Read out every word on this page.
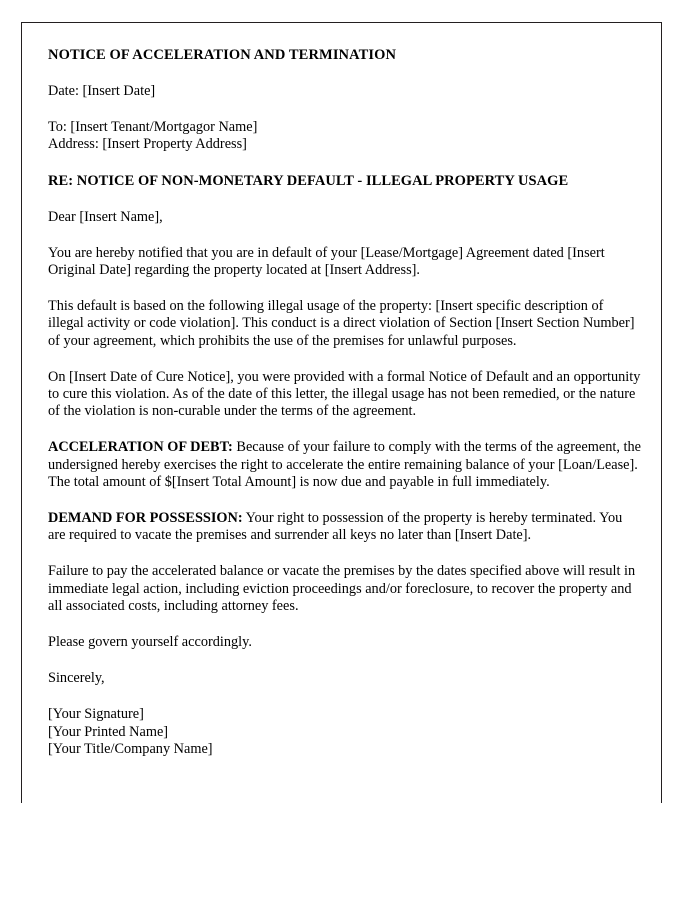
NOTICE OF ACCELERATION AND TERMINATION
Date: [Insert Date]
To: [Insert Tenant/Mortgagor Name]
Address: [Insert Property Address]
RE: NOTICE OF NON-MONETARY DEFAULT - ILLEGAL PROPERTY USAGE

Dear [Insert Name],

You are hereby notified that you are in default of your [Lease/Mortgage] Agreement dated [Insert Original Date] regarding the property located at [Insert Address].

This default is based on the following illegal usage of the property: [Insert specific description of illegal activity or code violation]. This conduct is a direct violation of Section [Insert Section Number] of your agreement, which prohibits the use of the premises for unlawful purposes.

On [Insert Date of Cure Notice], you were provided with a formal Notice of Default and an opportunity to cure this violation. As of the date of this letter, the illegal usage has not been remedied, or the nature of the violation is non-curable under the terms of the agreement.

ACCELERATION OF DEBT: Because of your failure to comply with the terms of the agreement, the undersigned hereby exercises the right to accelerate the entire remaining balance of your [Loan/Lease]. The total amount of $[Insert Total Amount] is now due and payable in full immediately.

DEMAND FOR POSSESSION: Your right to possession of the property is hereby terminated. You are required to vacate the premises and surrender all keys no later than [Insert Date].

Failure to pay the accelerated balance or vacate the premises by the dates specified above will result in immediate legal action, including eviction proceedings and/or foreclosure, to recover the property and all associated costs, including attorney fees.

Please govern yourself accordingly.

Sincerely,

[Your Signature]
[Your Printed Name]
[Your Title/Company Name]
